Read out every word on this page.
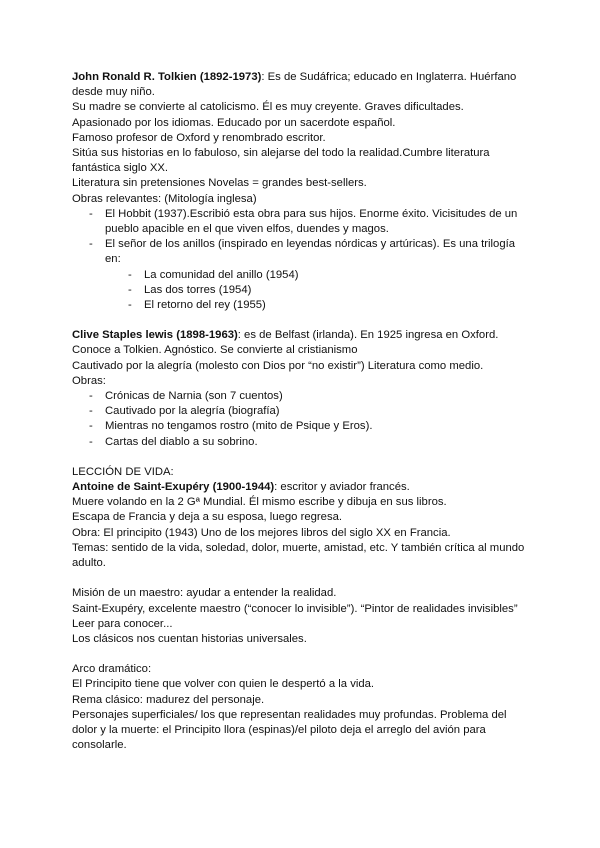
John Ronald R. Tolkien (1892-1973): Es de Sudáfrica; educado en Inglaterra. Huérfano desde muy niño.

Su madre se convierte al catolicismo. Él es muy creyente. Graves dificultades.

Apasionado por los idiomas. Educado por un sacerdote español.

Famoso profesor de Oxford y renombrado escritor.

Sitúa sus historias en lo fabuloso, sin alejarse del todo la realidad.Cumbre literatura fantástica siglo XX.

Literatura sin pretensiones Novelas = grandes best-sellers.

Obras relevantes: (Mitología inglesa)

- El Hobbit (1937).Escribió esta obra para sus hijos. Enorme éxito. Vicisitudes de un pueblo apacible en el que viven elfos, duendes y magos.
- El señor de los anillos (inspirado en leyendas nórdicas y artúricas). Es una trilogía en:
- La comunidad del anillo (1954)
- Las dos torres (1954)
- El retorno del rey (1955)

Clive Staples lewis (1898-1963): es de Belfast (irlanda). En 1925 ingresa en Oxford.

Conoce a Tolkien. Agnóstico. Se convierte al cristianismo

Cautivado por la alegría (molesto con Dios por “no existir”) Literatura como medio.

Obras:

- Crónicas de Narnia (son 7 cuentos)
- Cautivado por la alegría (biografía)
- Mientras no tengamos rostro (mito de Psique y Eros).
- Cartas del diablo a su sobrino.

LECCIÓN DE VIDA:

Antoine de Saint-Exupéry (1900-1944): escritor y aviador francés.

Muere volando en la 2 Gª Mundial. Él mismo escribe y dibuja en sus libros.

Escapa de Francia y deja a su esposa, luego regresa.

Obra: El principito (1943) Uno de los mejores libros del siglo XX en Francia.

Temas: sentido de la vida, soledad, dolor, muerte, amistad, etc. Y también crítica al mundo adulto.

Misión de un maestro: ayudar a entender la realidad.

Saint-Exupéry, excelente maestro (“conocer lo invisible”). “Pintor de realidades invisibles”

Leer para conocer...

Los clásicos nos cuentan historias universales.

Arco dramático:

El Principito tiene que volver con quien le despertó a la vida.

Rema clásico: madurez del personaje.

Personajes superficiales/ los que representan realidades muy profundas. Problema del dolor y la muerte: el Principito llora (espinas)/el piloto deja el arreglo del avión para consolarle.
